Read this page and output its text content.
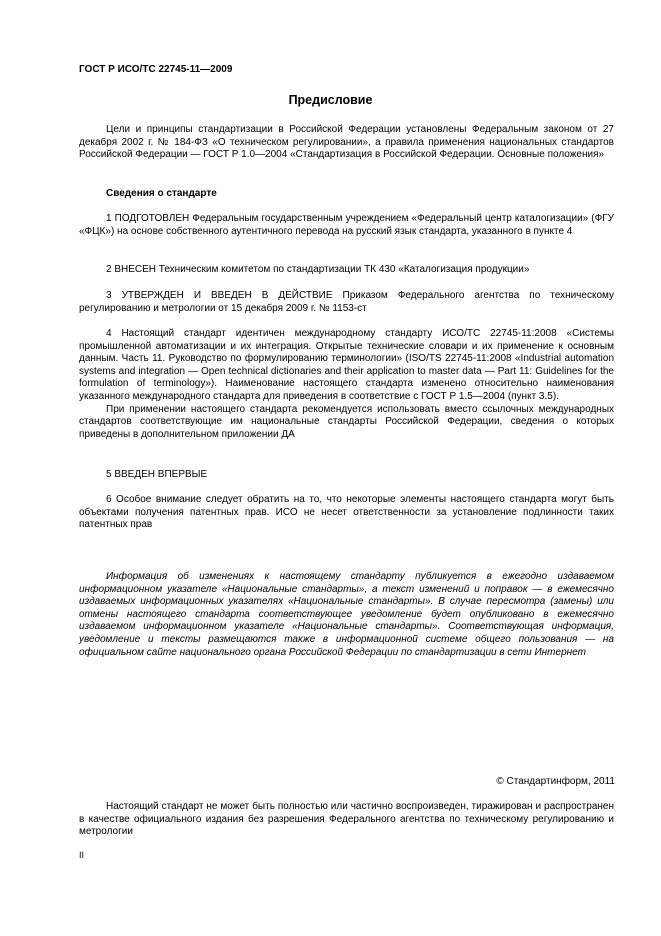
ГОСТ Р ИСО/ТС 22745-11—2009
Предисловие

Цели и принципы стандартизации в Российской Федерации установлены Федеральным законом от 27 декабря 2002 г. № 184-ФЗ «О техническом регулировании», а правила применения национальных стандартов Российской Федерации — ГОСТ Р 1.0—2004 «Стандартизация в Российской Федерации. Основные положения»

Сведения о стандарте

1 ПОДГОТОВЛЕН Федеральным государственным учреждением «Федеральный центр каталогизации» (ФГУ «ФЦК») на основе собственного аутентичного перевода на русский язык стандарта, указанного в пункте 4

2 ВНЕСЕН Техническим комитетом по стандартизации ТК 430 «Каталогизация продукции»

3 УТВЕРЖДЕН И ВВЕДЕН В ДЕЙСТВИЕ Приказом Федерального агентства по техническому регулированию и метрологии от 15 декабря 2009 г. № 1153-ст

4 Настоящий стандарт идентичен международному стандарту ИСО/ТС 22745-11:2008 «Системы промышленной автоматизации и их интеграция. Открытые технические словари и их применение к основным данным. Часть 11. Руководство по формулированию терминологии» (ISO/TS 22745-11:2008 «Industrial automation systems and integration — Open technical dictionaries and their application to master data — Part 11: Guidelines for the formulation of terminology»). Наименование настоящего стандарта изменено относительно наименования указанного международного стандарта для приведения в соответствие с ГОСТ Р 1.5—2004 (пункт 3.5).

При применении настоящего стандарта рекомендуется использовать вместо ссылочных международных стандартов соответствующие им национальные стандарты Российской Федерации, сведения о которых приведены в дополнительном приложении ДА

5 ВВЕДЕН ВПЕРВЫЕ

6 Особое внимание следует обратить на то, что некоторые элементы настоящего стандарта могут быть объектами получения патентных прав. ИСО не несет ответственности за установление подлинности таких патентных прав

Информация об изменениях к настоящему стандарту публикуется в ежегодно издаваемом информационном указателе «Национальные стандарты», а текст изменений и поправок — в ежемесячно издаваемых информационных указателях «Национальные стандарты». В случае пересмотра (замены) или отмены настоящего стандарта соответствующее уведомление будет опубликовано в ежемесячно издаваемом информационном указателе «Национальные стандарты». Соответствующая информация, уведомление и тексты размещаются также в информационной системе общего пользования — на официальном сайте национального органа Российской Федерации по стандартизации в сети Интернет

© Стандартинформ, 2011

Настоящий стандарт не может быть полностью или частично воспроизведен, тиражирован и распространен в качестве официального издания без разрешения Федерального агентства по техническому регулированию и метрологии

II
